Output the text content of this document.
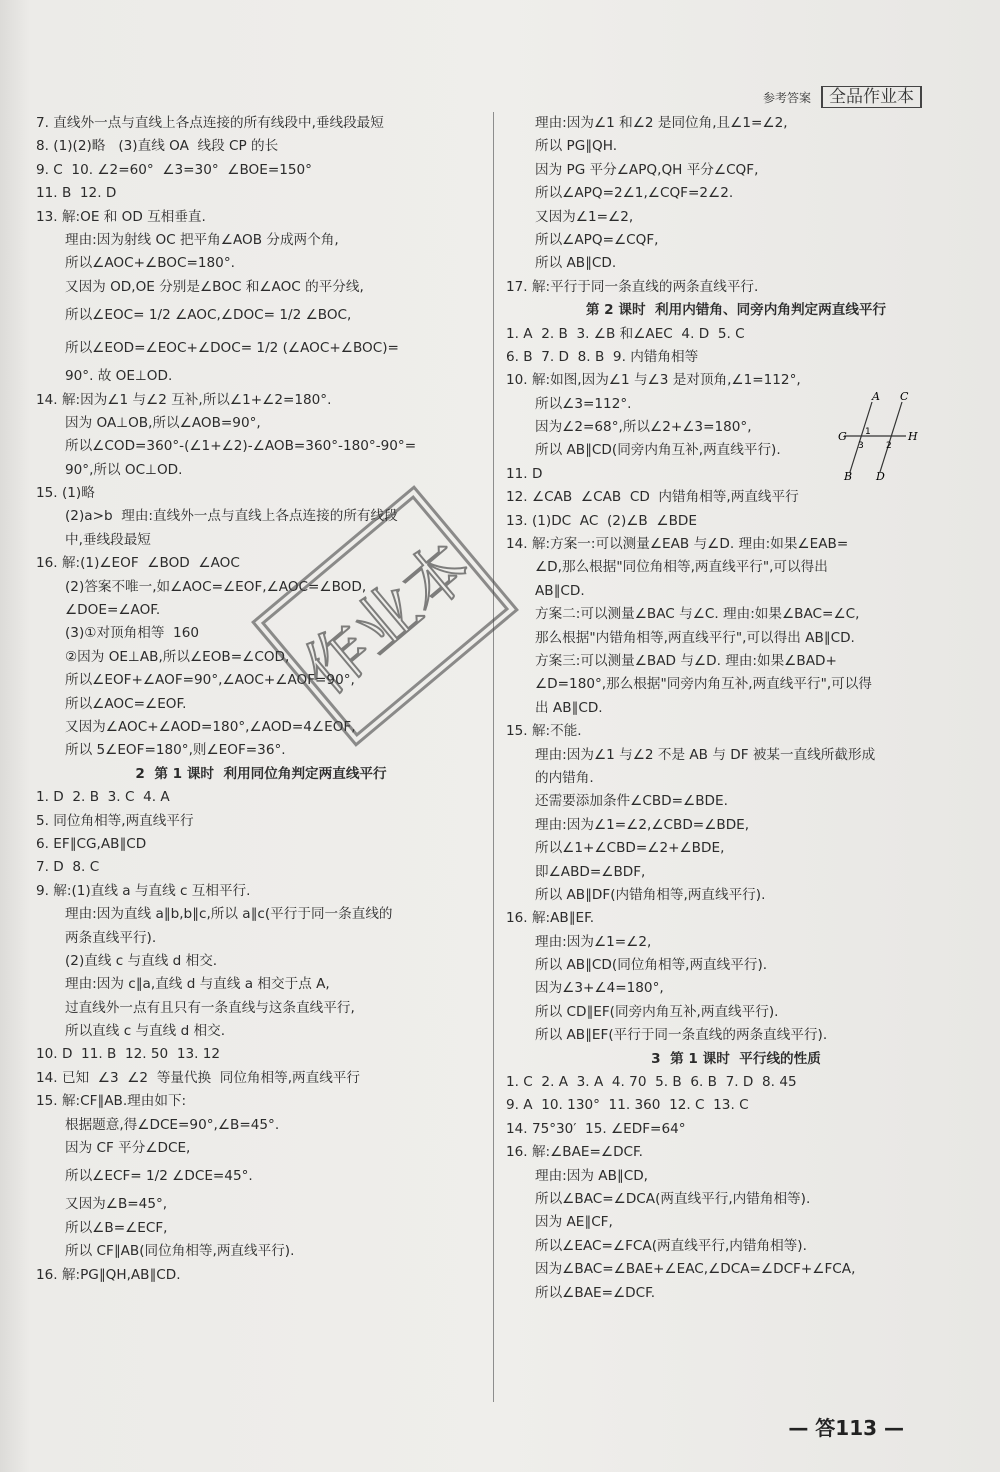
参考答案	全品作业本
7. 直线外一点与直线上各点连接的所有线段中,垂线段最短
8. (1)(2)略   (3)直线 OA  线段 CP 的长
9. C  10. ∠2=60°  ∠3=30°  ∠BOE=150°
11. B  12. D
13. 解:OE 和 OD 互相垂直.
理由:因为射线 OC 把平角∠AOB 分成两个角,
所以∠AOC+∠BOC=180°.
又因为 OD,OE 分别是∠BOC 和∠AOC 的平分线,
所以∠EOC= 1/2 ∠AOC,∠DOC= 1/2 ∠BOC,
所以∠EOD=∠EOC+∠DOC= 1/2 (∠AOC+∠BOC)=
90°. 故 OE⊥OD.
14. 解:因为∠1 与∠2 互补,所以∠1+∠2=180°.
因为 OA⊥OB,所以∠AOB=90°,
所以∠COD=360°-(∠1+∠2)-∠AOB=360°-180°-90°=
90°,所以 OC⊥OD.
15. (1)略
(2)a>b  理由:直线外一点与直线上各点连接的所有线段
中,垂线段最短
16. 解:(1)∠EOF  ∠BOD  ∠AOC
(2)答案不唯一,如∠AOC=∠EOF,∠AOC=∠BOD,
∠DOE=∠AOF.
(3)①对顶角相等  160
②因为 OE⊥AB,所以∠EOB=∠COD,
所以∠EOF+∠AOF=90°,∠AOC+∠AOF=90°,
所以∠AOC=∠EOF.
又因为∠AOC+∠AOD=180°,∠AOD=4∠EOF,
所以 5∠EOF=180°,则∠EOF=36°.
2  第 1 课时  利用同位角判定两直线平行
1. D  2. B  3. C  4. A
5. 同位角相等,两直线平行
6. EF∥CG,AB∥CD
7. D  8. C
9. 解:(1)直线 a 与直线 c 互相平行.
理由:因为直线 a∥b,b∥c,所以 a∥c(平行于同一条直线的
两条直线平行).
(2)直线 c 与直线 d 相交.
理由:因为 c∥a,直线 d 与直线 a 相交于点 A,
过直线外一点有且只有一条直线与这条直线平行,
所以直线 c 与直线 d 相交.
10. D  11. B  12. 50  13. 12
14. 已知  ∠3  ∠2  等量代换  同位角相等,两直线平行
15. 解:CF∥AB.理由如下:
根据题意,得∠DCE=90°,∠B=45°.
因为 CF 平分∠DCE,
所以∠ECF= 1/2 ∠DCE=45°.
又因为∠B=45°,
所以∠B=∠ECF,
所以 CF∥AB(同位角相等,两直线平行).
16. 解:PG∥QH,AB∥CD.
理由:因为∠1 和∠2 是同位角,且∠1=∠2,
所以 PG∥QH.
因为 PG 平分∠APQ,QH 平分∠CQF,
所以∠APQ=2∠1,∠CQF=2∠2.
又因为∠1=∠2,
所以∠APQ=∠CQF,
所以 AB∥CD.
17. 解:平行于同一条直线的两条直线平行.
第 2 课时  利用内错角、同旁内角判定两直线平行
1. A  2. B  3. ∠B 和∠AEC  4. D  5. C
6. B  7. D  8. B  9. 内错角相等
10. 解:如图,因为∠1 与∠3 是对顶角,∠1=112°,
所以∠3=112°.
因为∠2=68°,所以∠2+∠3=180°,
所以 AB∥CD(同旁内角互补,两直线平行).
11. D
12. ∠CAB  ∠CAB  CD  内错角相等,两直线平行
13. (1)DC  AC  (2)∠B  ∠BDE
14. 解:方案一:可以测量∠EAB 与∠D. 理由:如果∠EAB=
∠D,那么根据"同位角相等,两直线平行",可以得出
AB∥CD.
方案二:可以测量∠BAC 与∠C. 理由:如果∠BAC=∠C,
那么根据"内错角相等,两直线平行",可以得出 AB∥CD.
方案三:可以测量∠BAD 与∠D. 理由:如果∠BAD+
∠D=180°,那么根据"同旁内角互补,两直线平行",可以得
出 AB∥CD.
15. 解:不能.
理由:因为∠1 与∠2 不是 AB 与 DF 被某一直线所截形成
的内错角.
还需要添加条件∠CBD=∠BDE.
理由:因为∠1=∠2,∠CBD=∠BDE,
所以∠1+∠CBD=∠2+∠BDE,
即∠ABD=∠BDF,
所以 AB∥DF(内错角相等,两直线平行).
16. 解:AB∥EF.
理由:因为∠1=∠2,
所以 AB∥CD(同位角相等,两直线平行).
因为∠3+∠4=180°,
所以 CD∥EF(同旁内角互补,两直线平行).
所以 AB∥EF(平行于同一条直线的两条直线平行).
3  第 1 课时  平行线的性质
1. C  2. A  3. A  4. 70  5. B  6. B  7. D  8. 45
9. A  10. 130°  11. 360  12. C  13. C
14. 75°30′  15. ∠EDF=64°
16. 解:∠BAE=∠DCF.
理由:因为 AB∥CD,
所以∠BAC=∠DCA(两直线平行,内错角相等).
因为 AE∥CF,
所以∠EAC=∠FCA(两直线平行,内错角相等).
因为∠BAC=∠BAE+∠EAC,∠DCA=∠DCF+∠FCA,
所以∠BAE=∠DCF.
A C
G	H
1
3 2
B D
作业本
— 答113 —
